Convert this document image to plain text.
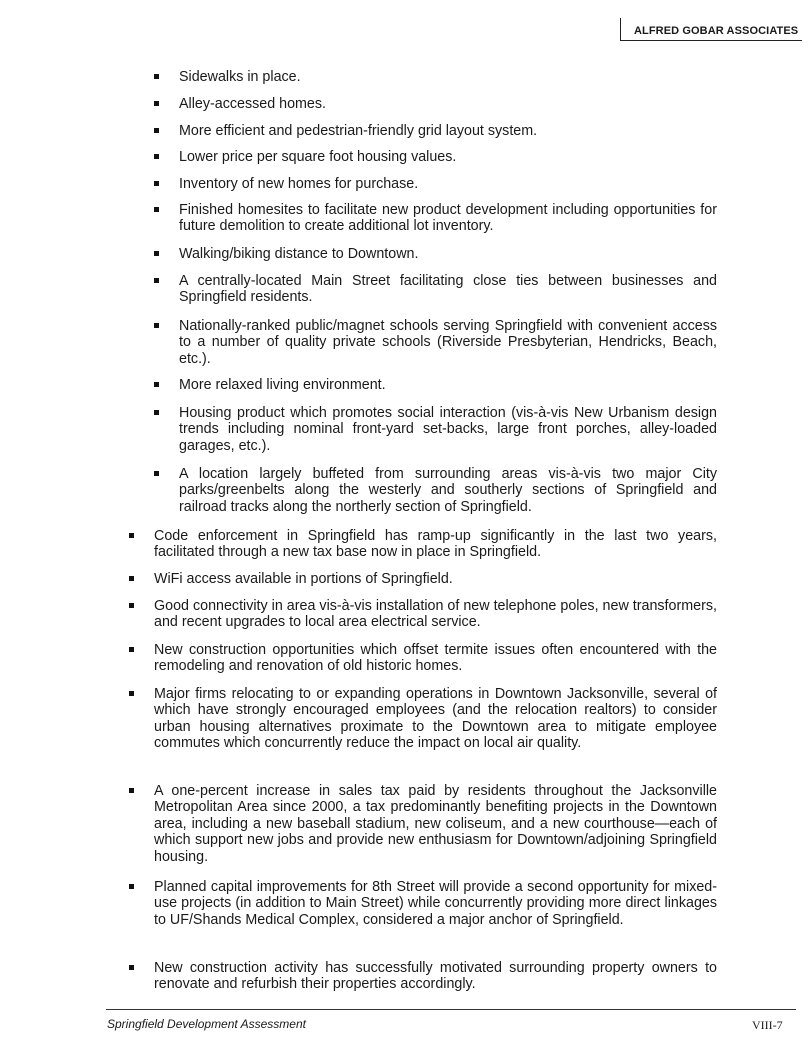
ALFRED GOBAR ASSOCIATES
Sidewalks in place.
Alley-accessed homes.
More efficient and pedestrian-friendly grid layout system.
Lower price per square foot housing values.
Inventory of new homes for purchase.
Finished homesites to facilitate new product development including opportunities for future demolition to create additional lot inventory.
Walking/biking distance to Downtown.
A centrally-located Main Street facilitating close ties between businesses and Springfield residents.
Nationally-ranked public/magnet schools serving Springfield with convenient access to a number of quality private schools (Riverside Presbyterian, Hendricks, Beach, etc.).
More relaxed living environment.
Housing product which promotes social interaction (vis-à-vis New Urbanism design trends including nominal front-yard set-backs, large front porches, alley-loaded garages, etc.).
A location largely buffeted from surrounding areas vis-à-vis two major City parks/greenbelts along the westerly and southerly sections of Springfield and railroad tracks along the northerly section of Springfield.
Code enforcement in Springfield has ramp-up significantly in the last two years, facilitated through a new tax base now in place in Springfield.
WiFi access available in portions of Springfield.
Good connectivity in area vis-à-vis installation of new telephone poles, new transformers, and recent upgrades to local area electrical service.
New construction opportunities which offset termite issues often encountered with the remodeling and renovation of old historic homes.
Major firms relocating to or expanding operations in Downtown Jacksonville, several of which have strongly encouraged employees (and the relocation realtors) to consider urban housing alternatives proximate to the Downtown area to mitigate employee commutes which concurrently reduce the impact on local air quality.
A one-percent increase in sales tax paid by residents throughout the Jacksonville Metropolitan Area since 2000, a tax predominantly benefiting projects in the Downtown area, including a new baseball stadium, new coliseum, and a new courthouse—each of which support new jobs and provide new enthusiasm for Downtown/adjoining Springfield housing.
Planned capital improvements for 8th Street will provide a second opportunity for mixed-use projects (in addition to Main Street) while concurrently providing more direct linkages to UF/Shands Medical Complex, considered a major anchor of Springfield.
New construction activity has successfully motivated surrounding property owners to renovate and refurbish their properties accordingly.
Springfield Development Assessment	VIII-7
